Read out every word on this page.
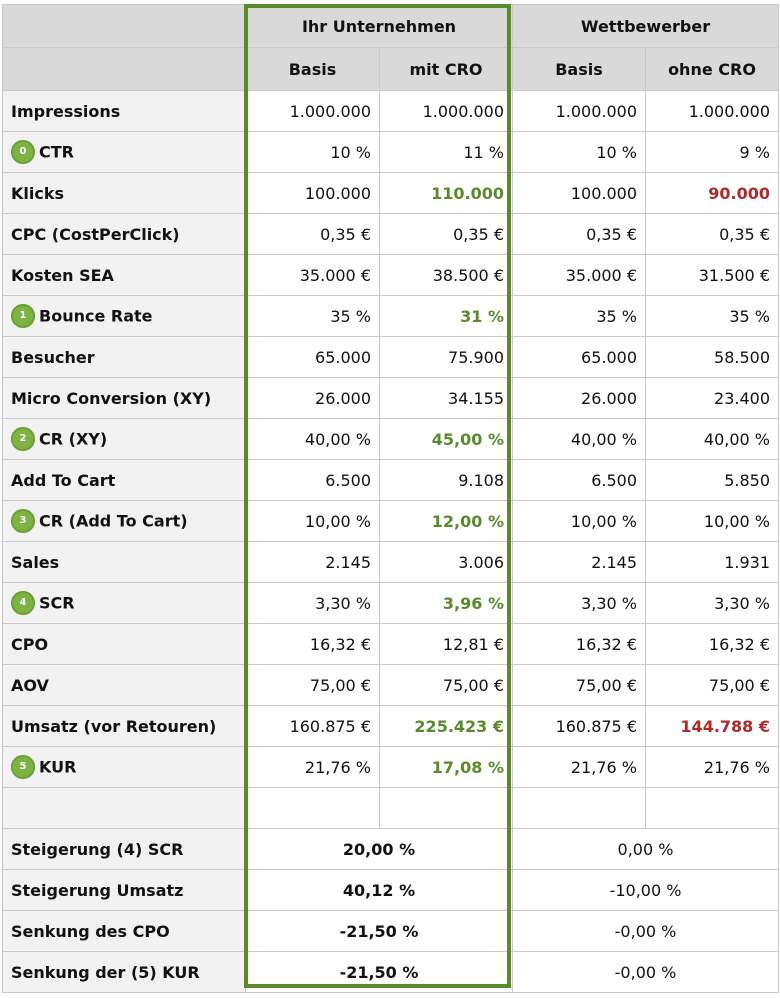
	Ihr Unternehmen		Wettbewerber	
	Basis	mit CRO	Basis	ohne CRO
Impressions	1.000.000	1.000.000	1.000.000	1.000.000
0 CTR	10 %	11 %	10 %	9 %
Klicks	100.000	110.000	100.000	90.000
CPC (CostPerClick)	0,35 €	0,35 €	0,35 €	0,35 €
Kosten SEA	35.000 €	38.500 €	35.000 €	31.500 €
1 Bounce Rate	35 %	31 %	35 %	35 %
Besucher	65.000	75.900	65.000	58.500
Micro Conversion (XY)	26.000	34.155	26.000	23.400
2 CR (XY)	40,00 %	45,00 %	40,00 %	40,00 %
Add To Cart	6.500	9.108	6.500	5.850
3 CR (Add To Cart)	10,00 %	12,00 %	10,00 %	10,00 %
Sales	2.145	3.006	2.145	1.931
4 SCR	3,30 %	3,96 %	3,30 %	3,30 %
CPO	16,32 €	12,81 €	16,32 €	16,32 €
AOV	75,00 €	75,00 €	75,00 €	75,00 €
Umsatz (vor Retouren)	160.875 €	225.423 €	160.875 €	144.788 €
5 KUR	21,76 %	17,08 %	21,76 %	21,76 %

Steigerung (4) SCR	20,00 %		0,00 %	
Steigerung Umsatz	40,12 %		-10,00 %	
Senkung des CPO	-21,50 %		-0,00 %	
Senkung der (5) KUR	-21,50 %		-0,00 %	
